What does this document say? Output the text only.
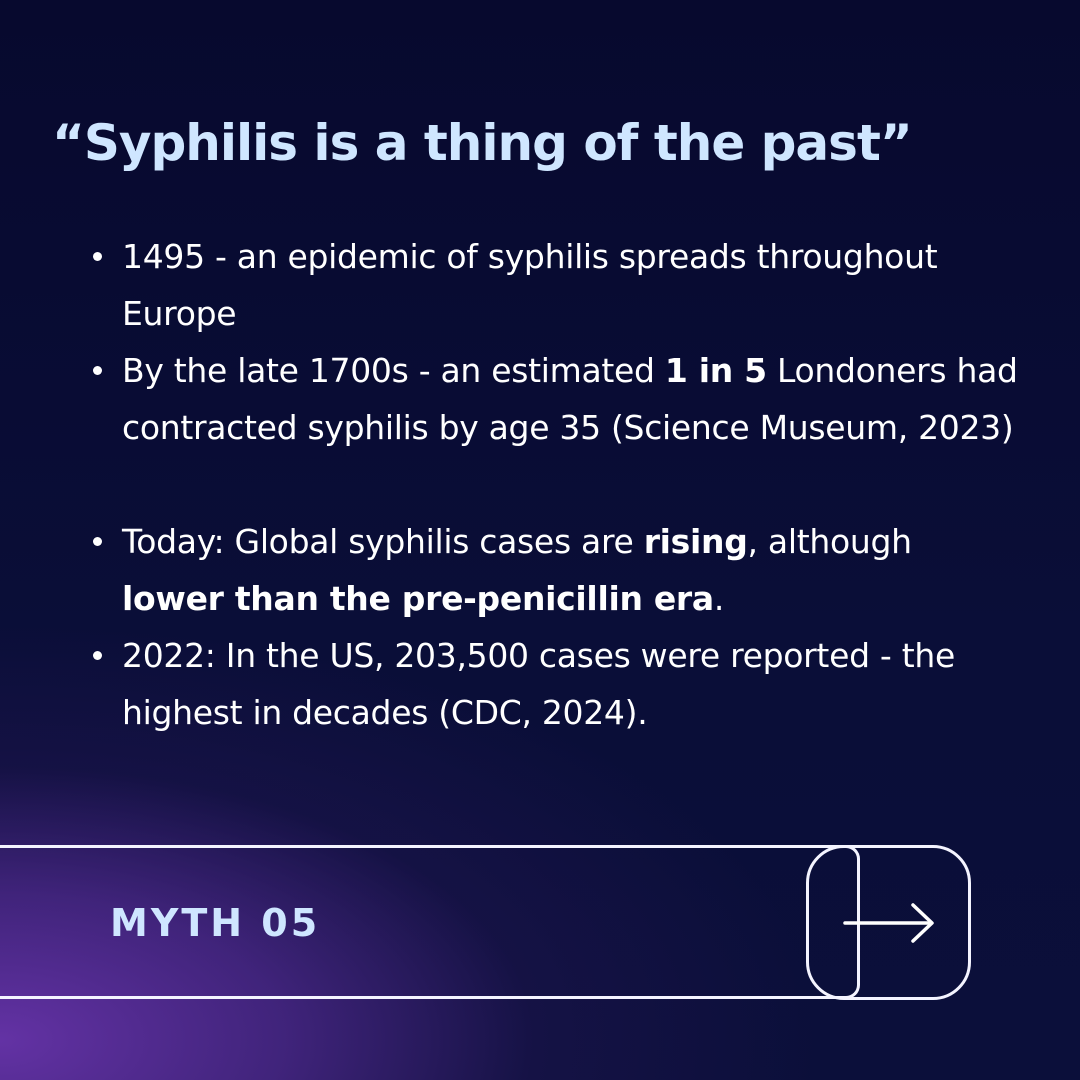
“Syphilis is a thing of the past”
1495 - an epidemic of syphilis spreads throughout Europe
By the late 1700s - an estimated 1 in 5 Londoners had contracted syphilis by age 35 (Science Museum, 2023)
Today: Global syphilis cases are rising, although lower than the pre-penicillin era.
2022: In the US, 203,500 cases were reported - the highest in decades (CDC, 2024).
MYTH 05
